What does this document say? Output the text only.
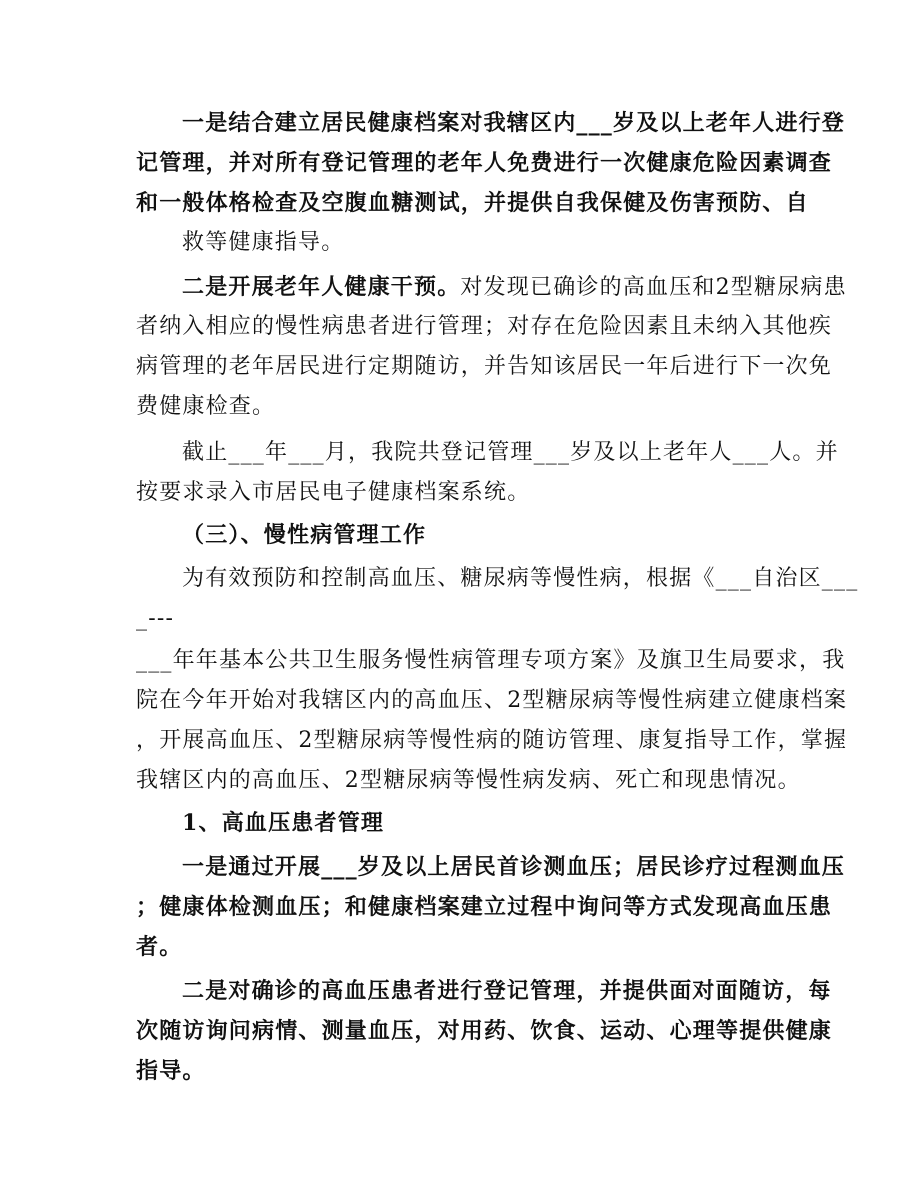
一是结合建立居民健康档案对我辖区内___岁及以上老年人进行登
记管理，并对所有登记管理的老年人免费进行一次健康危险因素调查
和一般体格检查及空腹血糖测试，并提供自我保健及伤害预防、自
救等健康指导。
二是开展老年人健康干预。对发现已确诊的高血压和2型糖尿病患
者纳入相应的慢性病患者进行管理；对存在危险因素且未纳入其他疾
病管理的老年居民进行定期随访，并告知该居民一年后进行下一次免
费健康检查。
截止___年___月，我院共登记管理___岁及以上老年人___人。并
按要求录入市居民电子健康档案系统。
（三）、慢性病管理工作
为有效预防和控制高血压、糖尿病等慢性病，根据《___自治区___
_---
___年年基本公共卫生服务慢性病管理专项方案》及旗卫生局要求，我
院在今年开始对我辖区内的高血压、2型糖尿病等慢性病建立健康档案
，开展高血压、2型糖尿病等慢性病的随访管理、康复指导工作，掌握
我辖区内的高血压、2型糖尿病等慢性病发病、死亡和现患情况。
1、高血压患者管理
一是通过开展___岁及以上居民首诊测血压；居民诊疗过程测血压
；健康体检测血压；和健康档案建立过程中询问等方式发现高血压患
者。
二是对确诊的高血压患者进行登记管理，并提供面对面随访，每
次随访询问病情、测量血压，对用药、饮食、运动、心理等提供健康
指导。
